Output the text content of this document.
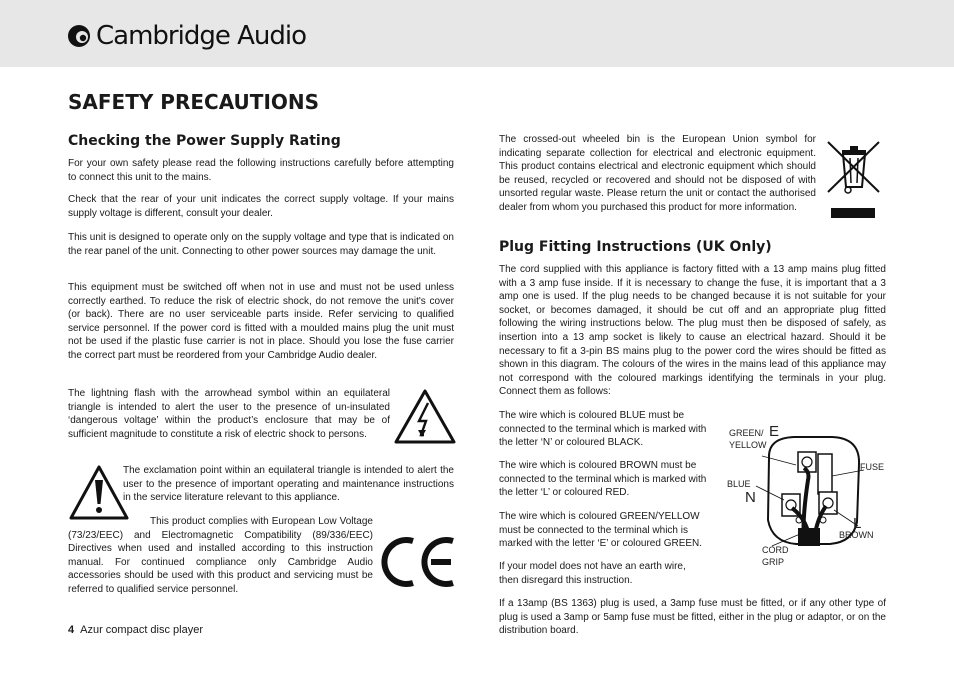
Cambridge Audio
SAFETY PRECAUTIONS
Checking the Power Supply Rating

For your own safety please read the following instructions carefully before attempting to connect this unit to the mains.

Check that the rear of your unit indicates the correct supply voltage. If your mains supply voltage is different, consult your dealer.

This unit is designed to operate only on the supply voltage and type that is indicated on the rear panel of the unit. Connecting to other power sources may damage the unit.

This equipment must be switched off when not in use and must not be used unless correctly earthed. To reduce the risk of electric shock, do not remove the unit's cover (or back). There are no user serviceable parts inside. Refer servicing to qualified service personnel. If the power cord is fitted with a moulded mains plug the unit must not be used if the plastic fuse carrier is not in place. Should you lose the fuse carrier the correct part must be reordered from your Cambridge Audio dealer.

The lightning flash with the arrowhead symbol within an equilateral triangle is intended to alert the user to the presence of un-insulated ‘dangerous voltage’ within the product’s enclosure that may be of sufficient magnitude to constitute a risk of electric shock to persons.

The exclamation point within an equilateral triangle is intended to alert the user to the presence of important operating and maintenance instructions in the service literature relevant to this appliance.

This product complies with European Low Voltage (73/23/EEC) and Electromagnetic Compatibility (89/336/EEC) Directives when used and installed according to this instruction manual. For continued compliance only Cambridge Audio accessories should be used with this product and servicing must be referred to qualified service personnel.

4 Azur compact disc player

The crossed-out wheeled bin is the European Union symbol for indicating separate collection for electrical and electronic equipment. This product contains electrical and electronic equipment which should be reused, recycled or recovered and should not be disposed of with unsorted regular waste. Please return the unit or contact the authorised dealer from whom you purchased this product for more information.

Plug Fitting Instructions (UK Only)

The cord supplied with this appliance is factory fitted with a 13 amp mains plug fitted with a 3 amp fuse inside. If it is necessary to change the fuse, it is important that a 3 amp one is used. If the plug needs to be changed because it is not suitable for your socket, or becomes damaged, it should be cut off and an appropriate plug fitted following the wiring instructions below. The plug must then be disposed of safely, as insertion into a 13 amp socket is likely to cause an electrical hazard. Should it be necessary to fit a 3-pin BS mains plug to the power cord the wires should be fitted as shown in this diagram. The colours of the wires in the mains lead of this appliance may not correspond with the coloured markings identifying the terminals in your plug. Connect them as follows:

The wire which is coloured BLUE must be connected to the terminal which is marked with the letter ‘N’ or coloured BLACK.

The wire which is coloured BROWN must be connected to the terminal which is marked with the letter ‘L’ or coloured RED.

The wire which is coloured GREEN/YELLOW must be connected to the terminal which is marked with the letter ‘E’ or coloured GREEN.

If your model does not have an earth wire, then disregard this instruction.

GREEN/ E
YELLOW
FUSE
BLUE
N
L
BROWN
CORD
GRIP

If a 13amp (BS 1363) plug is used, a 3amp fuse must be fitted, or if any other type of plug is used a 3amp or 5amp fuse must be fitted, either in the plug or adaptor, or on the distribution board.
